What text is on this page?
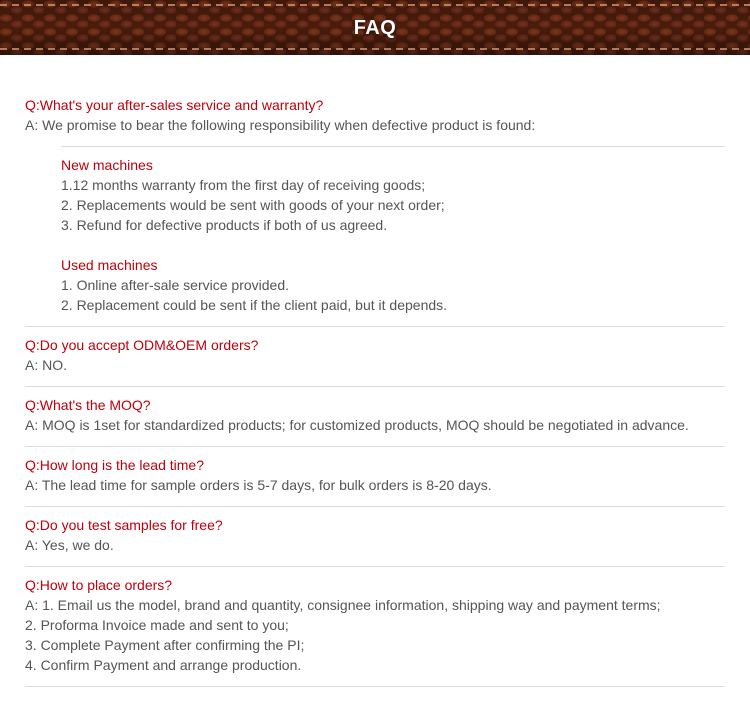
FAQ
Q:What's your after-sales service and warranty?
A: We promise to bear the following responsibility when defective product is found:
New machines
1.12 months warranty from the first day of receiving goods;
2. Replacements would be sent with goods of your next order;
3. Refund for defective products if both of us agreed.
Used machines
1. Online after-sale service provided.
2. Replacement could be sent if the client paid, but it depends.
Q:Do you accept ODM&OEM orders?
A: NO.
Q:What's the MOQ?
A: MOQ is 1set for standardized products; for customized products, MOQ should be negotiated in advance.
Q:How long is the lead time?
A: The lead time for sample orders is 5-7 days, for bulk orders is 8-20 days.
Q:Do you test samples for free?
A: Yes, we do.
Q:How to place orders?
A: 1. Email us the model, brand and quantity, consignee information, shipping way and payment terms;
2. Proforma Invoice made and sent to you;
3. Complete Payment after confirming the PI;
4. Confirm Payment and arrange production.
